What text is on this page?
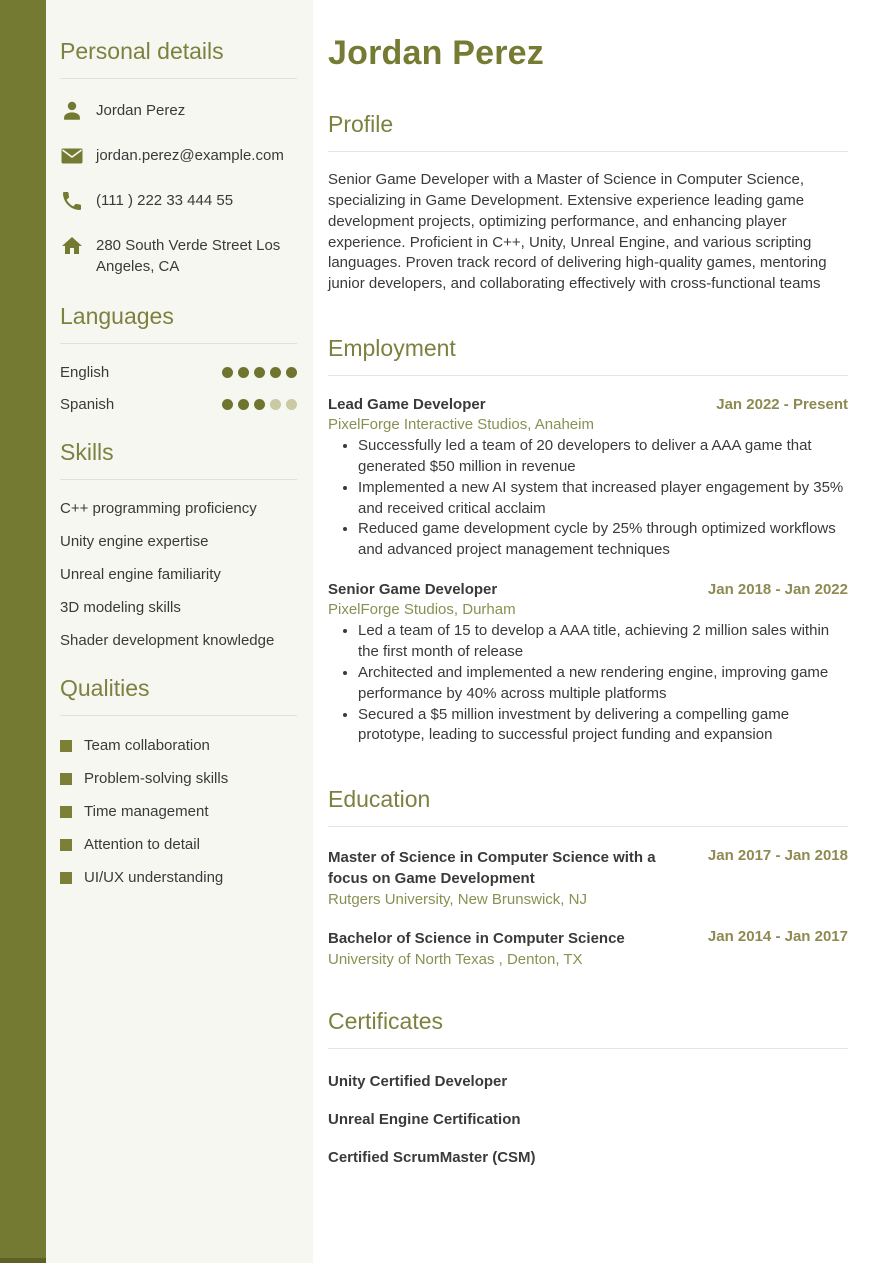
Personal details
Jordan Perez
jordan.perez@example.com
(111 ) 222 33 444 55
280 South Verde Street Los Angeles, CA
Languages
English
Spanish
Skills
C++ programming proficiency
Unity engine expertise
Unreal engine familiarity
3D modeling skills
Shader development knowledge
Qualities
Team collaboration
Problem-solving skills
Time management
Attention to detail
UI/UX understanding
Jordan Perez
Profile

Senior Game Developer with a Master of Science in Computer Science, specializing in Game Development. Extensive experience leading game development projects, optimizing performance, and enhancing player experience. Proficient in C++, Unity, Unreal Engine, and various scripting languages. Proven track record of delivering high-quality games, mentoring junior developers, and collaborating effectively with cross-functional teams

Employment
Lead Game Developer	Jan 2022 - Present
PixelForge Interactive Studios, Anaheim
• Successfully led a team of 20 developers to deliver a AAA game that generated $50 million in revenue
• Implemented a new AI system that increased player engagement by 35% and received critical acclaim
• Reduced game development cycle by 25% through optimized workflows and advanced project management techniques
Senior Game Developer	Jan 2018 - Jan 2022
PixelForge Studios, Durham
• Led a team of 15 to develop a AAA title, achieving 2 million sales within the first month of release
• Architected and implemented a new rendering engine, improving game performance by 40% across multiple platforms
• Secured a $5 million investment by delivering a compelling game prototype, leading to successful project funding and expansion
Education
Master of Science in Computer Science with a focus on Game Development
Rutgers University, New Brunswick, NJ
Jan 2017 - Jan 2018
Bachelor of Science in Computer Science
University of North Texas , Denton, TX
Jan 2014 - Jan 2017
Certificates
Unity Certified Developer
Unreal Engine Certification
Certified ScrumMaster (CSM)
